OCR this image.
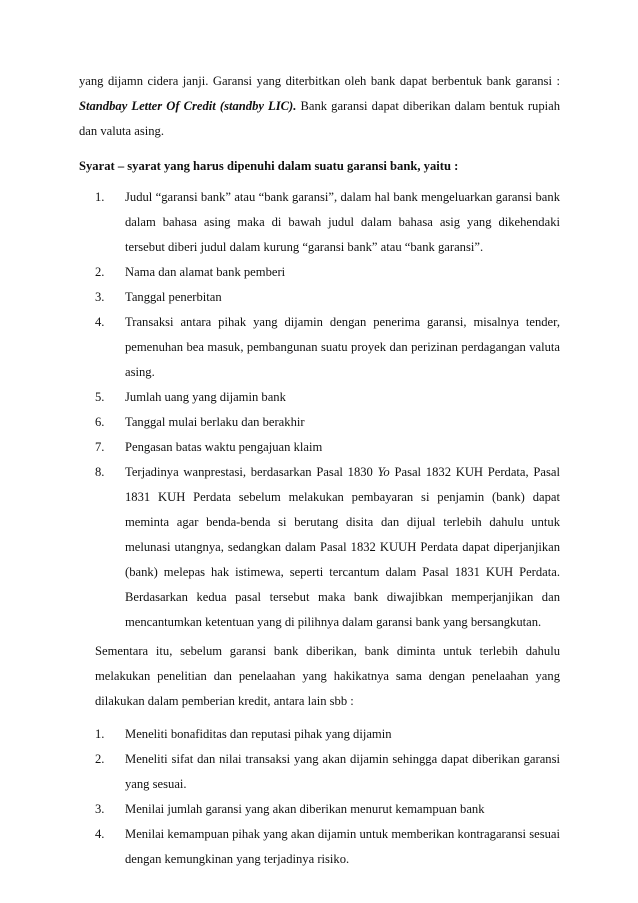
yang dijamn cidera janji. Garansi yang diterbitkan oleh bank dapat berbentuk bank garansi : Standbay Letter Of Credit (standby LIC). Bank garansi dapat diberikan dalam bentuk rupiah dan valuta asing.

Syarat – syarat yang harus dipenuhi dalam suatu garansi bank, yaitu :

1. Judul “garansi bank” atau “bank garansi”, dalam hal bank mengeluarkan garansi bank dalam bahasa asing maka di bawah judul dalam bahasa asig yang dikehendaki tersebut diberi judul dalam kurung “garansi bank” atau “bank garansi”.
2. Nama dan alamat bank pemberi
3. Tanggal penerbitan
4. Transaksi antara pihak yang dijamin dengan penerima garansi, misalnya tender, pemenuhan bea masuk, pembangunan suatu proyek dan perizinan perdagangan valuta asing.
5. Jumlah uang yang dijamin bank
6. Tanggal mulai berlaku dan berakhir
7. Pengasan batas waktu pengajuan klaim
8. Terjadinya wanprestasi, berdasarkan Pasal 1830 Yo Pasal 1832 KUH Perdata, Pasal 1831 KUH Perdata sebelum melakukan pembayaran si penjamin (bank) dapat meminta agar benda-benda si berutang disita dan dijual terlebih dahulu untuk melunasi utangnya, sedangkan dalam Pasal 1832 KUUH Perdata dapat diperjanjikan (bank) melepas hak istimewa, seperti tercantum dalam Pasal 1831 KUH Perdata. Berdasarkan kedua pasal tersebut maka bank diwajibkan memperjanjikan dan mencantumkan ketentuan yang di pilihnya dalam garansi bank yang bersangkutan.

Sementara itu, sebelum garansi bank diberikan, bank diminta untuk terlebih dahulu melakukan penelitian dan penelaahan yang hakikatnya sama dengan penelaahan yang dilakukan dalam pemberian kredit, antara lain sbb :

1. Meneliti bonafiditas dan reputasi pihak yang dijamin
2. Meneliti sifat dan nilai transaksi yang akan dijamin sehingga dapat diberikan garansi yang sesuai.
3. Menilai jumlah garansi yang akan diberikan menurut kemampuan bank
4. Menilai kemampuan pihak yang akan dijamin untuk memberikan kontragaransi sesuai dengan kemungkinan yang terjadinya risiko.
